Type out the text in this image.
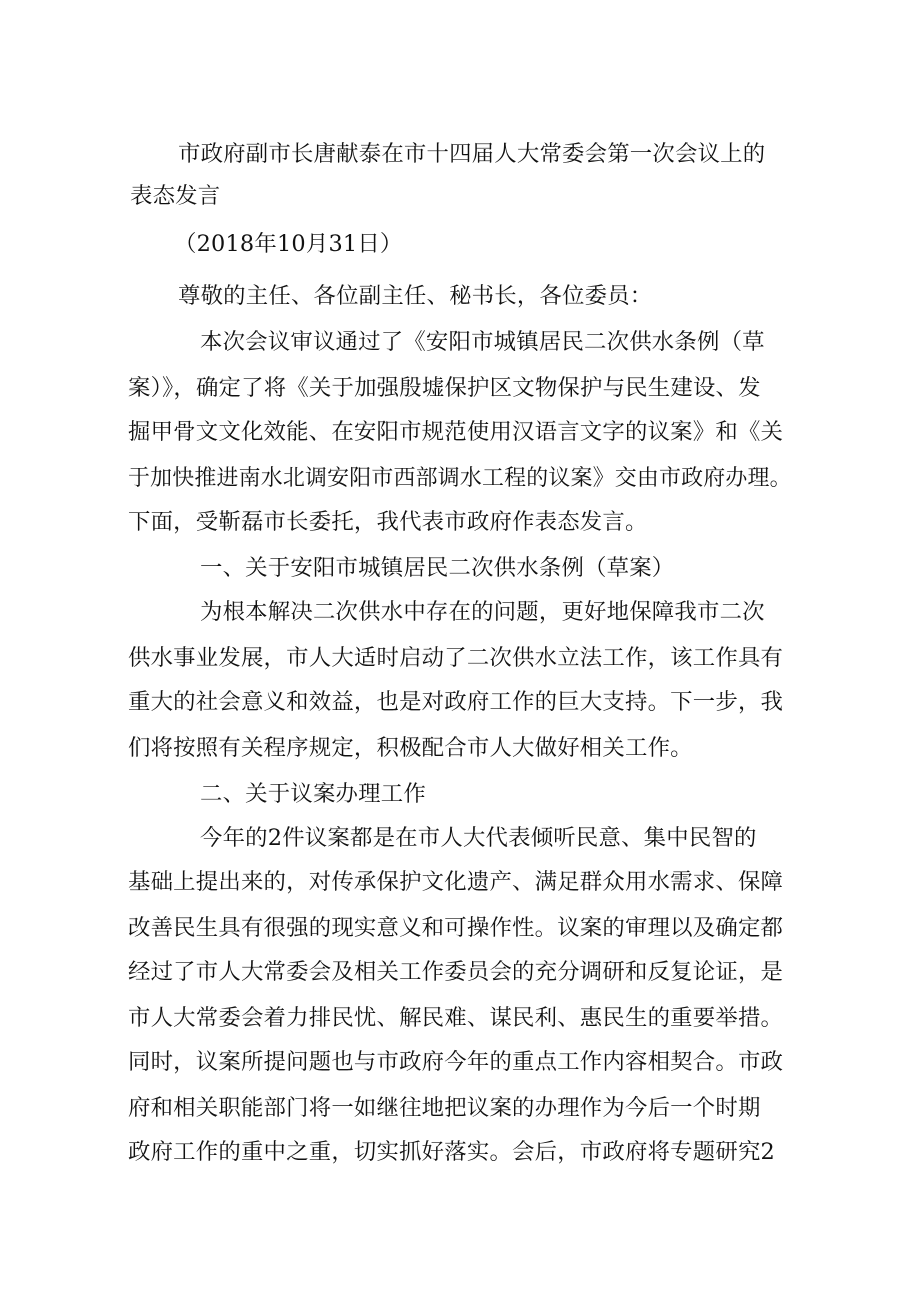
市政府副市长唐献泰在市十四届人大常委会第一次会议上的
表态发言
（2018年10月31日）
尊敬的主任、各位副主任、秘书长，各位委员：
本次会议审议通过了《安阳市城镇居民二次供水条例（草
案）》，确定了将《关于加强殷墟保护区文物保护与民生建设、发
掘甲骨文文化效能、在安阳市规范使用汉语言文字的议案》和《关
于加快推进南水北调安阳市西部调水工程的议案》交由市政府办理。
下面，受靳磊市长委托，我代表市政府作表态发言。
一、关于安阳市城镇居民二次供水条例（草案）
为根本解决二次供水中存在的问题，更好地保障我市二次
供水事业发展，市人大适时启动了二次供水立法工作，该工作具有
重大的社会意义和效益，也是对政府工作的巨大支持。下一步，我
们将按照有关程序规定，积极配合市人大做好相关工作。
二、关于议案办理工作
今年的2件议案都是在市人大代表倾听民意、集中民智的
基础上提出来的，对传承保护文化遗产、满足群众用水需求、保障
改善民生具有很强的现实意义和可操作性。议案的审理以及确定都
经过了市人大常委会及相关工作委员会的充分调研和反复论证，是
市人大常委会着力排民忧、解民难、谋民利、惠民生的重要举措。
同时，议案所提问题也与市政府今年的重点工作内容相契合。市政
府和相关职能部门将一如继往地把议案的办理作为今后一个时期
政府工作的重中之重，切实抓好落实。会后，市政府将专题研究2
